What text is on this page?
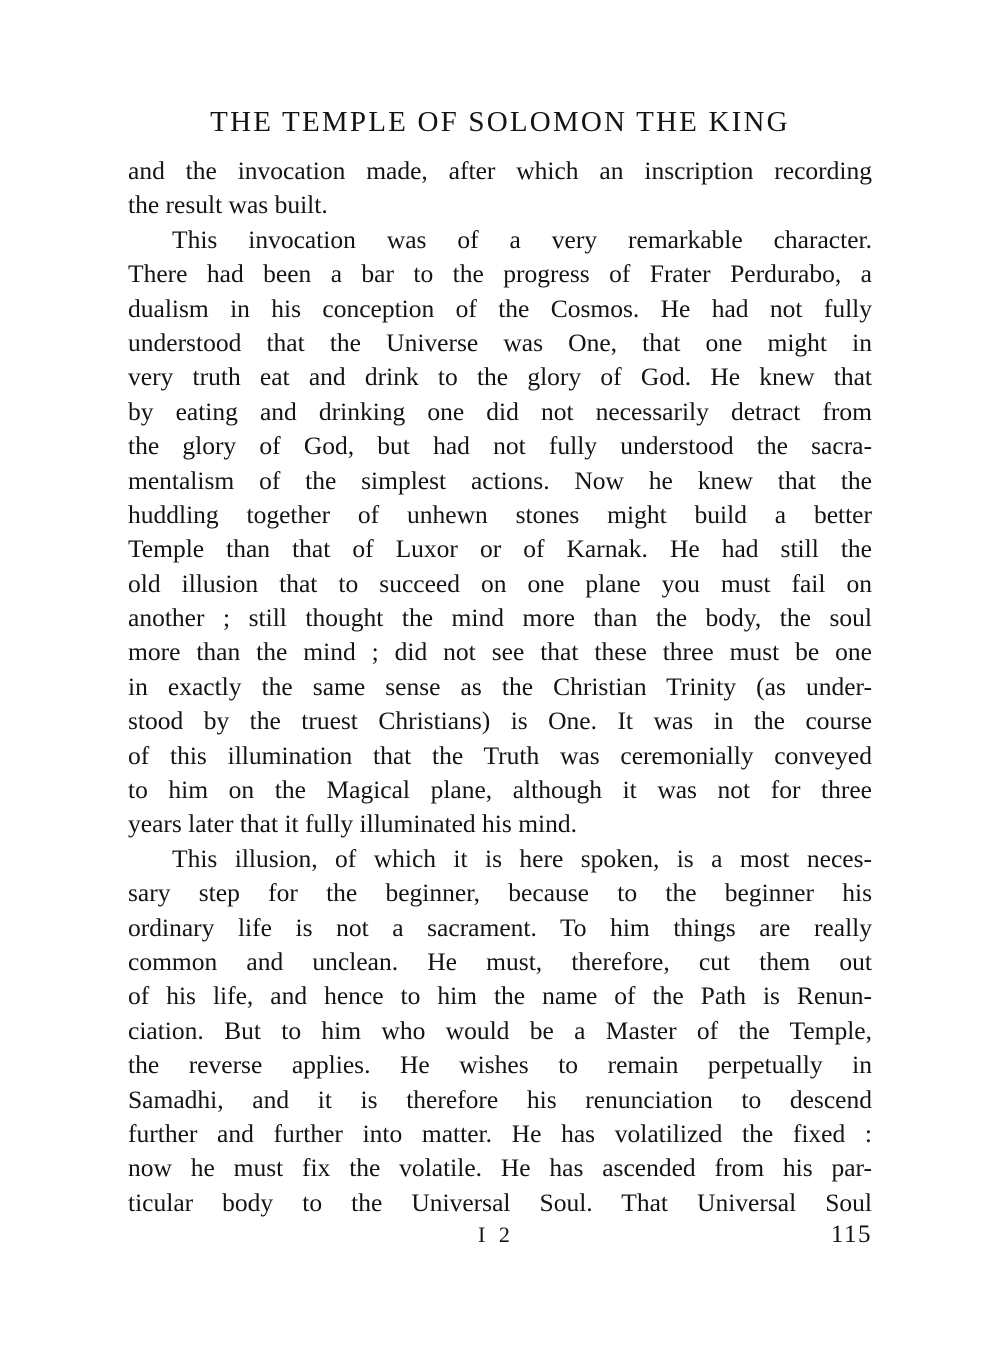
THE TEMPLE OF SOLOMON THE KING
and the invocation made, after which an inscription recording
the result was built.
This invocation was of a very remarkable character.
There had been a bar to the progress of Frater Perdurabo, a
dualism in his conception of the Cosmos. He had not fully
understood that the Universe was One, that one might in
very truth eat and drink to the glory of God. He knew that
by eating and drinking one did not necessarily detract from
the glory of God, but had not fully understood the sacra-
mentalism of the simplest actions. Now he knew that the
huddling together of unhewn stones might build a better
Temple than that of Luxor or of Karnak. He had still the
old illusion that to succeed on one plane you must fail on
another ; still thought the mind more than the body, the soul
more than the mind ; did not see that these three must be one
in exactly the same sense as the Christian Trinity (as under-
stood by the truest Christians) is One. It was in the course
of this illumination that the Truth was ceremonially conveyed
to him on the Magical plane, although it was not for three
years later that it fully illuminated his mind.
This illusion, of which it is here spoken, is a most neces-
sary step for the beginner, because to the beginner his
ordinary life is not a sacrament. To him things are really
common and unclean. He must, therefore, cut them out
of his life, and hence to him the name of the Path is Renun-
ciation. But to him who would be a Master of the Temple,
the reverse applies. He wishes to remain perpetually in
Samadhi, and it is therefore his renunciation to descend
further and further into matter. He has volatilized the fixed :
now he must fix the volatile. He has ascended from his par-
ticular body to the Universal Soul. That Universal Soul
I 2	115
